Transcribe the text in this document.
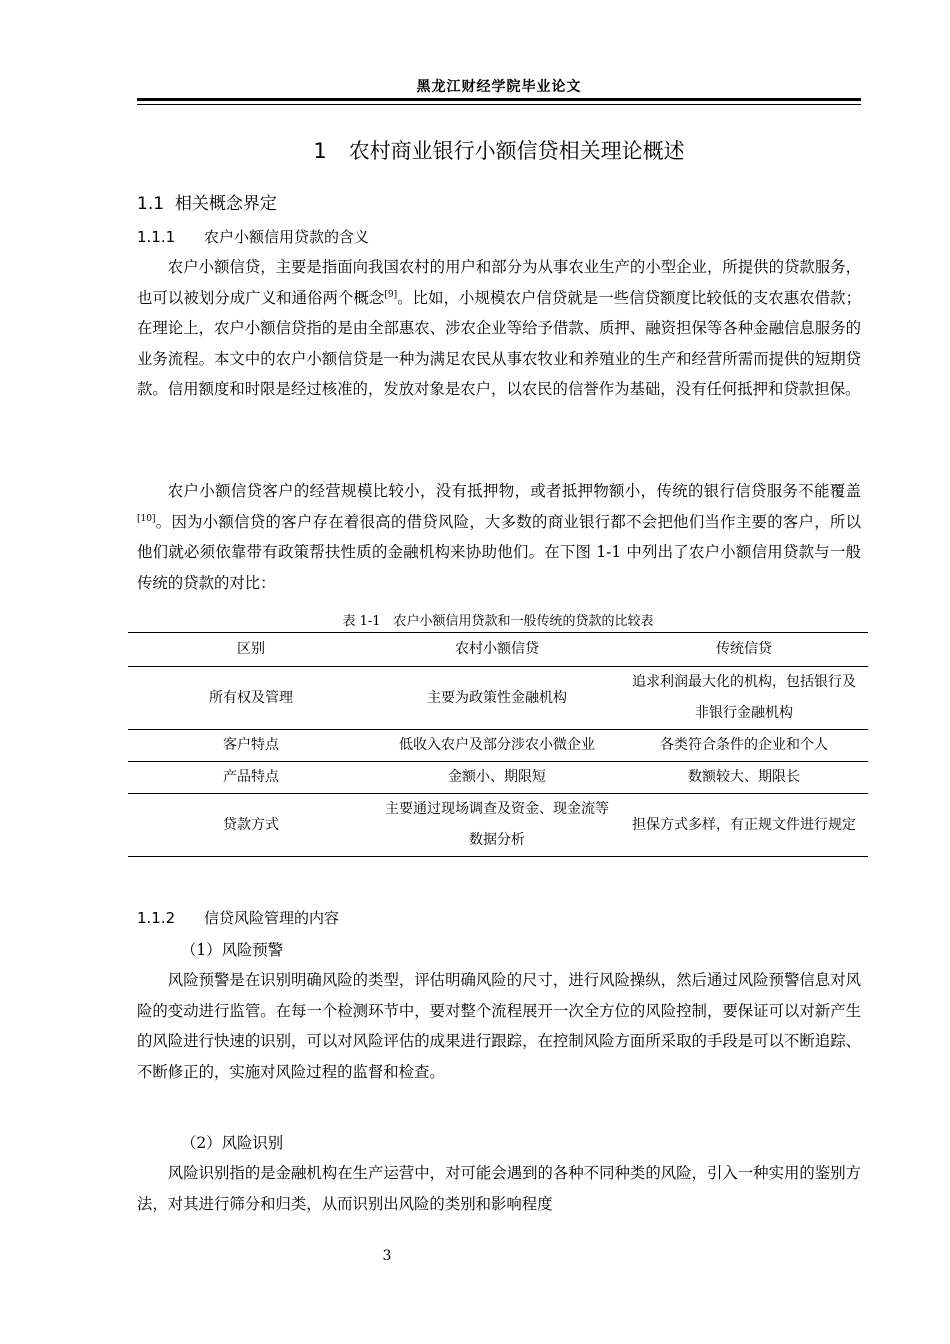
黑龙江财经学院毕业论文
1 农村商业银行小额信贷相关理论概述
1.1 相关概念界定
1.1.1 农户小额信用贷款的含义

农户小额信贷，主要是指面向我国农村的用户和部分为从事农业生产的小型企业，所提供的贷款服务，也可以被划分成广义和通俗两个概念[9]。比如，小规模农户信贷就是一些信贷额度比较低的支农惠农借款；在理论上，农户小额信贷指的是由全部惠农、涉农企业等给予借款、质押、融资担保等各种金融信息服务的业务流程。本文中的农户小额信贷是一种为满足农民从事农牧业和养殖业的生产和经营所需而提供的短期贷款。信用额度和时限是经过核准的，发放对象是农户，以农民的信誉作为基础，没有任何抵押和贷款担保。

农户小额信贷客户的经营规模比较小，没有抵押物，或者抵押物额小，传统的银行信贷服务不能覆盖[10]。因为小额信贷的客户存在着很高的借贷风险，大多数的商业银行都不会把他们当作主要的客户，所以他们就必须依靠带有政策帮扶性质的金融机构来协助他们。在下图 1-1 中列出了农户小额信用贷款与一般传统的贷款的对比：

表 1-1　农户小额信用贷款和一般传统的贷款的比较表
区别	农村小额信贷	传统信贷
所有权及管理	主要为政策性金融机构	追求利润最大化的机构，包括银行及非银行金融机构
客户特点	低收入农户及部分涉农小微企业	各类符合条件的企业和个人
产品特点	金额小、期限短	数额较大、期限长
贷款方式	主要通过现场调查及资金、现金流等数据分析	担保方式多样，有正规文件进行规定
1.1.2 信贷风险管理的内容
（1）风险预警

风险预警是在识别明确风险的类型，评估明确风险的尺寸，进行风险操纵，然后通过风险预警信息对风险的变动进行监管。在每一个检测环节中，要对整个流程展开一次全方位的风险控制，要保证可以对新产生的风险进行快速的识别，可以对风险评估的成果进行跟踪，在控制风险方面所采取的手段是可以不断追踪、不断修正的，实施对风险过程的监督和检查。

（2）风险识别

风险识别指的是金融机构在生产运营中，对可能会遇到的各种不同种类的风险，引入一种实用的鉴别方法，对其进行筛分和归类，从而识别出风险的类别和影响程度

3
